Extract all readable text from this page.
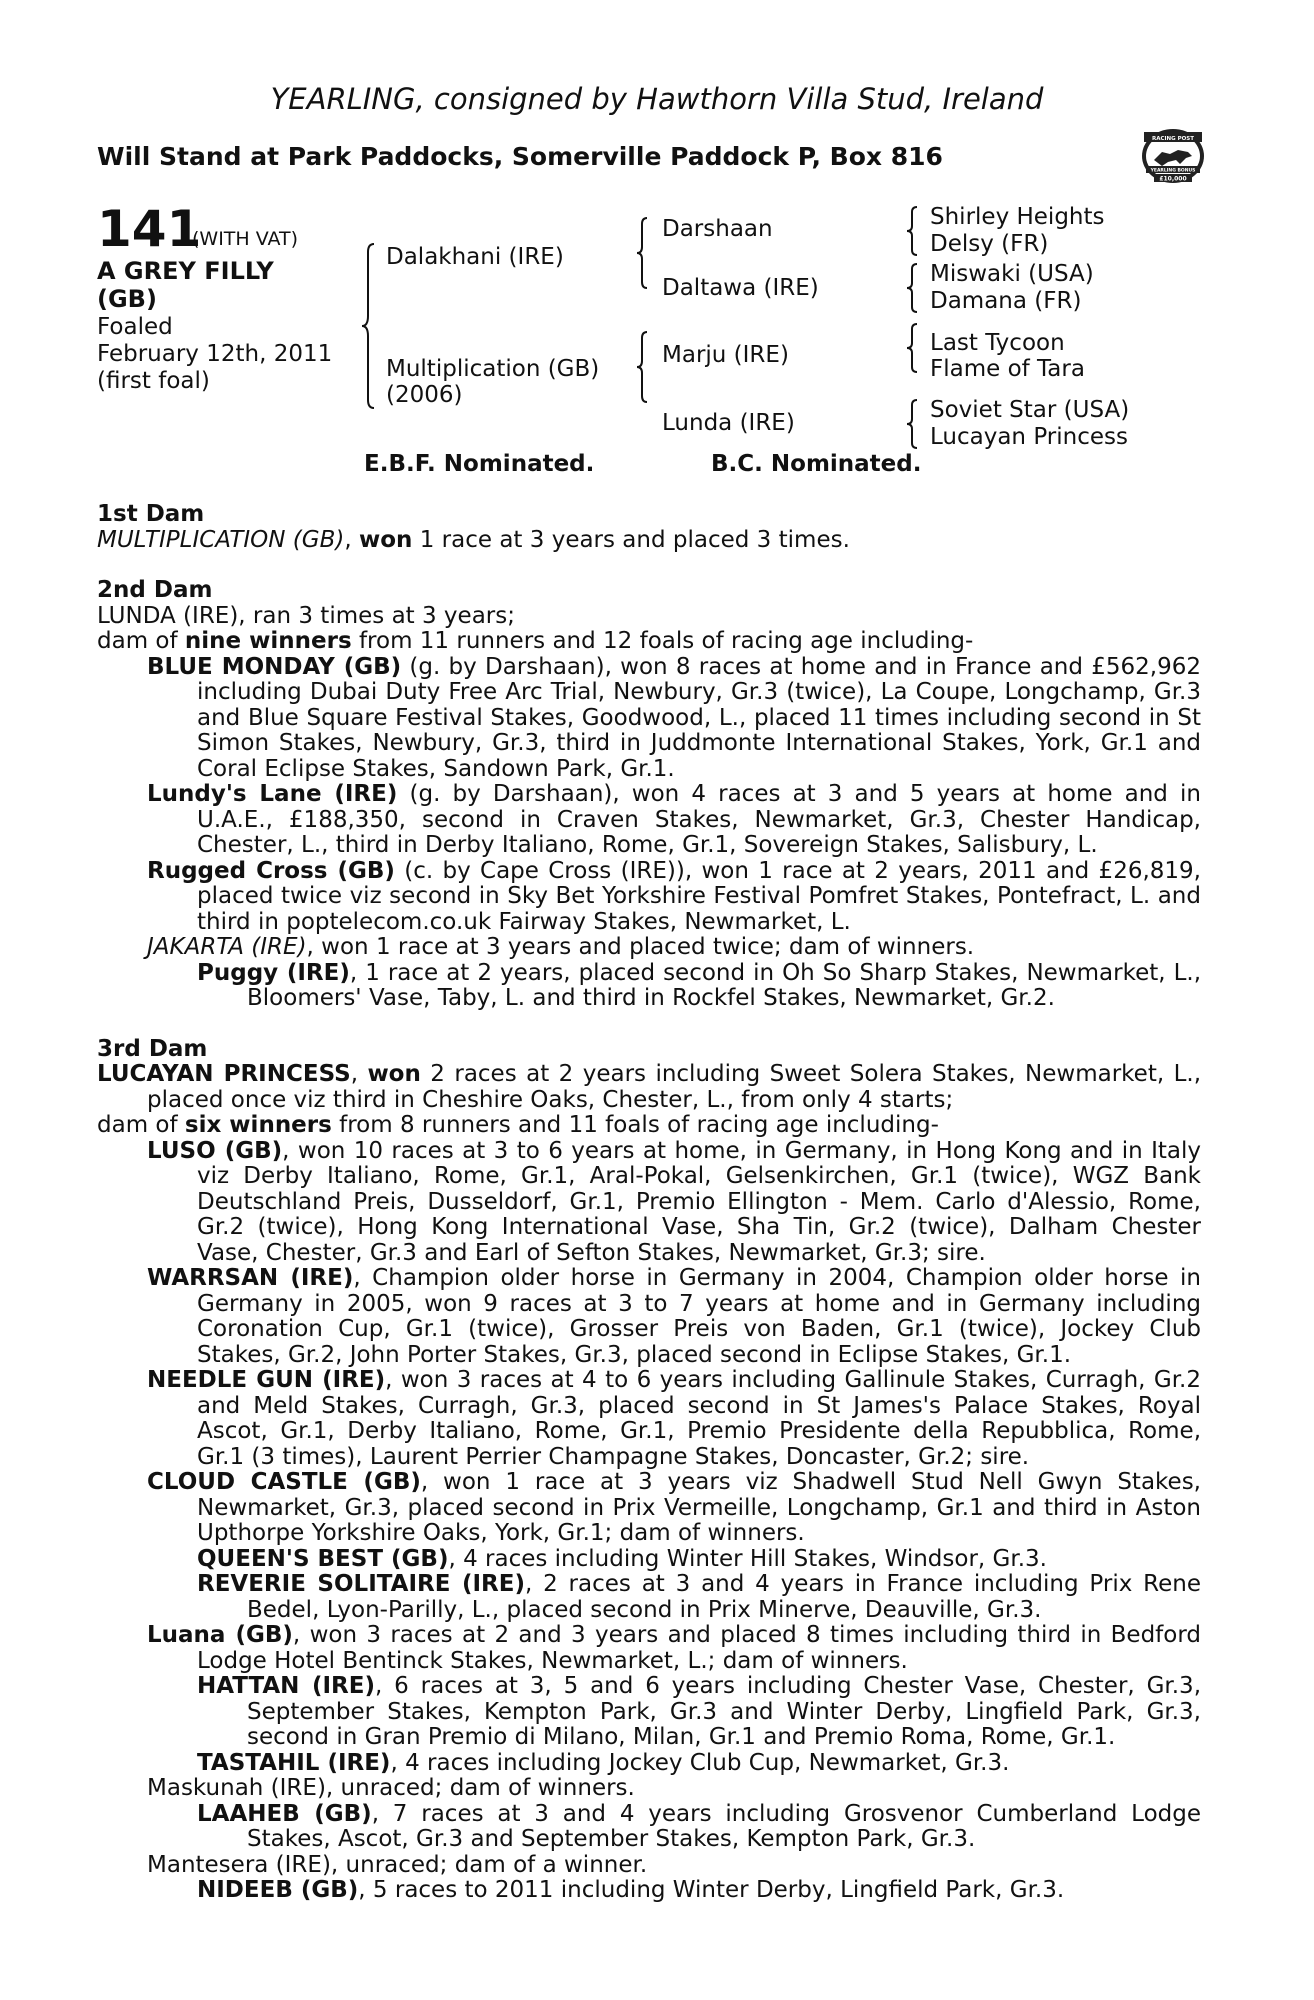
YEARLING, consigned by Hawthorn Villa Stud, Ireland
Will Stand at Park Paddocks, Somerville Paddock P, Box 816
RACING POST
YEARLING BONUS
£10,000
141
(WITH VAT)
A GREY FILLY
(GB)
Foaled
February 12th, 2011
(first foal)
Dalakhani (IRE)
Multiplication (GB)
(2006)
Darshaan
Daltawa (IRE)
Marju (IRE)
Lunda (IRE)
Shirley Heights
Delsy (FR)
Miswaki (USA)
Damana (FR)
Last Tycoon
Flame of Tara
Soviet Star (USA)
Lucayan Princess
E.B.F. Nominated.	B.C. Nominated.

1st Dam

MULTIPLICATION (GB), won 1 race at 3 years and placed 3 times.

2nd Dam

LUNDA (IRE), ran 3 times at 3 years;

dam of nine winners from 11 runners and 12 foals of racing age including-

BLUE MONDAY (GB) (g. by Darshaan), won 8 races at home and in France and £562,962 including Dubai Duty Free Arc Trial, Newbury, Gr.3 (twice), La Coupe, Longchamp, Gr.3 and Blue Square Festival Stakes, Goodwood, L., placed 11 times including second in St Simon Stakes, Newbury, Gr.3, third in Juddmonte International Stakes, York, Gr.1 and Coral Eclipse Stakes, Sandown Park, Gr.1.

Lundy's Lane (IRE) (g. by Darshaan), won 4 races at 3 and 5 years at home and in U.A.E., £188,350, second in Craven Stakes, Newmarket, Gr.3, Chester Handicap, Chester, L., third in Derby Italiano, Rome, Gr.1, Sovereign Stakes, Salisbury, L.

Rugged Cross (GB) (c. by Cape Cross (IRE)), won 1 race at 2 years, 2011 and £26,819, placed twice viz second in Sky Bet Yorkshire Festival Pomfret Stakes, Pontefract, L. and third in poptelecom.co.uk Fairway Stakes, Newmarket, L.

JAKARTA (IRE), won 1 race at 3 years and placed twice; dam of winners.

Puggy (IRE), 1 race at 2 years, placed second in Oh So Sharp Stakes, Newmarket, L., Bloomers' Vase, Taby, L. and third in Rockfel Stakes, Newmarket, Gr.2.

3rd Dam

LUCAYAN PRINCESS, won 2 races at 2 years including Sweet Solera Stakes, Newmarket, L., placed once viz third in Cheshire Oaks, Chester, L., from only 4 starts;

dam of six winners from 8 runners and 11 foals of racing age including-

LUSO (GB), won 10 races at 3 to 6 years at home, in Germany, in Hong Kong and in Italy viz Derby Italiano, Rome, Gr.1, Aral-Pokal, Gelsenkirchen, Gr.1 (twice), WGZ Bank Deutschland Preis, Dusseldorf, Gr.1, Premio Ellington - Mem. Carlo d'Alessio, Rome, Gr.2 (twice), Hong Kong International Vase, Sha Tin, Gr.2 (twice), Dalham Chester Vase, Chester, Gr.3 and Earl of Sefton Stakes, Newmarket, Gr.3; sire.

WARRSAN (IRE), Champion older horse in Germany in 2004, Champion older horse in Germany in 2005, won 9 races at 3 to 7 years at home and in Germany including Coronation Cup, Gr.1 (twice), Grosser Preis von Baden, Gr.1 (twice), Jockey Club Stakes, Gr.2, John Porter Stakes, Gr.3, placed second in Eclipse Stakes, Gr.1.

NEEDLE GUN (IRE), won 3 races at 4 to 6 years including Gallinule Stakes, Curragh, Gr.2 and Meld Stakes, Curragh, Gr.3, placed second in St James's Palace Stakes, Royal Ascot, Gr.1, Derby Italiano, Rome, Gr.1, Premio Presidente della Repubblica, Rome, Gr.1 (3 times), Laurent Perrier Champagne Stakes, Doncaster, Gr.2; sire.

CLOUD CASTLE (GB), won 1 race at 3 years viz Shadwell Stud Nell Gwyn Stakes, Newmarket, Gr.3, placed second in Prix Vermeille, Longchamp, Gr.1 and third in Aston Upthorpe Yorkshire Oaks, York, Gr.1; dam of winners.

QUEEN'S BEST (GB), 4 races including Winter Hill Stakes, Windsor, Gr.3.

REVERIE SOLITAIRE (IRE), 2 races at 3 and 4 years in France including Prix Rene Bedel, Lyon-Parilly, L., placed second in Prix Minerve, Deauville, Gr.3.

Luana (GB), won 3 races at 2 and 3 years and placed 8 times including third in Bedford Lodge Hotel Bentinck Stakes, Newmarket, L.; dam of winners.

HATTAN (IRE), 6 races at 3, 5 and 6 years including Chester Vase, Chester, Gr.3, September Stakes, Kempton Park, Gr.3 and Winter Derby, Lingfield Park, Gr.3, second in Gran Premio di Milano, Milan, Gr.1 and Premio Roma, Rome, Gr.1.

TASTAHIL (IRE), 4 races including Jockey Club Cup, Newmarket, Gr.3.

Maskunah (IRE), unraced; dam of winners.

LAAHEB (GB), 7 races at 3 and 4 years including Grosvenor Cumberland Lodge Stakes, Ascot, Gr.3 and September Stakes, Kempton Park, Gr.3.

Mantesera (IRE), unraced; dam of a winner.

NIDEEB (GB), 5 races to 2011 including Winter Derby, Lingfield Park, Gr.3.
